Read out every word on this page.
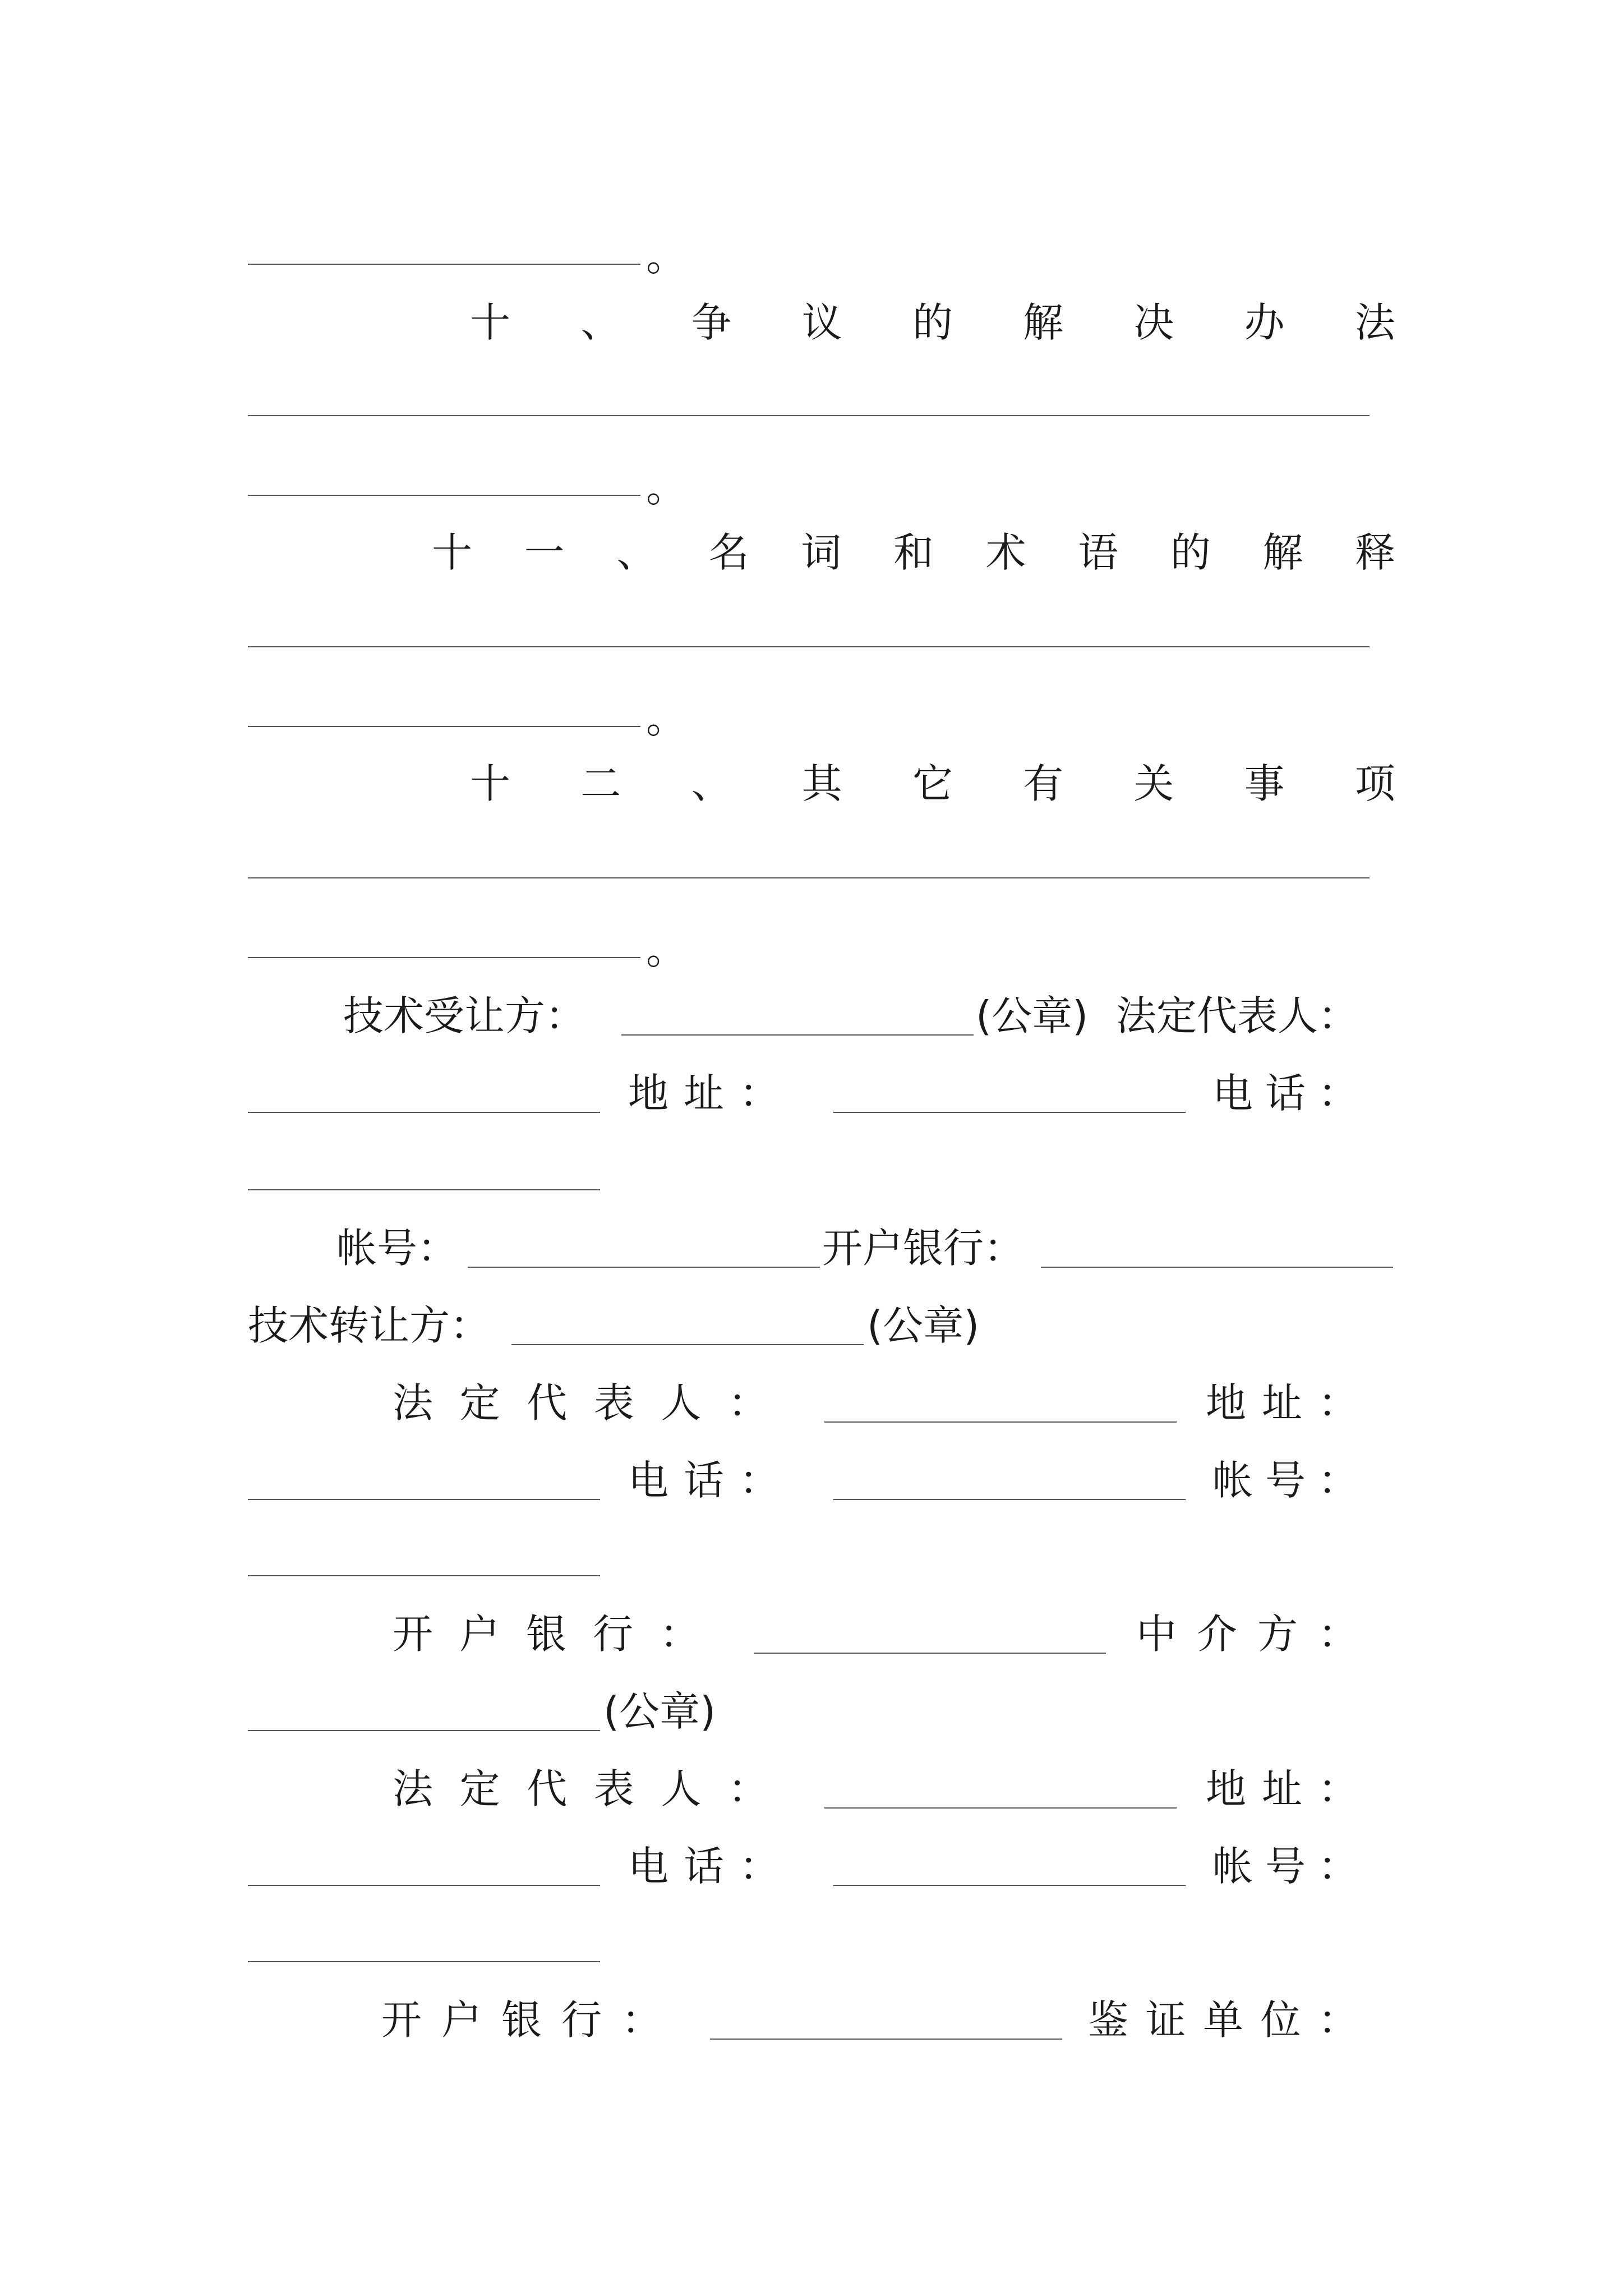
。
十 、 争 议 的 解 决 办 法
。
十 一 、 名 词 和 术 语 的 解 释
。
十 二 、 其 它 有 关 事 项
。
技术受让方：	(公章) 法定代表人：
地 址 ：	电 话 ：
帐号：	开户银行：
技术转让方：	(公章)
法 定 代 表 人 ：	地 址 ：
电 话 ：	帐 号 ：
开 户 银 行 ：	中 介 方 ：
(公章)
法 定 代 表 人 ：	地 址 ：
电 话 ：	帐 号 ：
开 户 银 行 ：	鉴 证 单 位 ：
